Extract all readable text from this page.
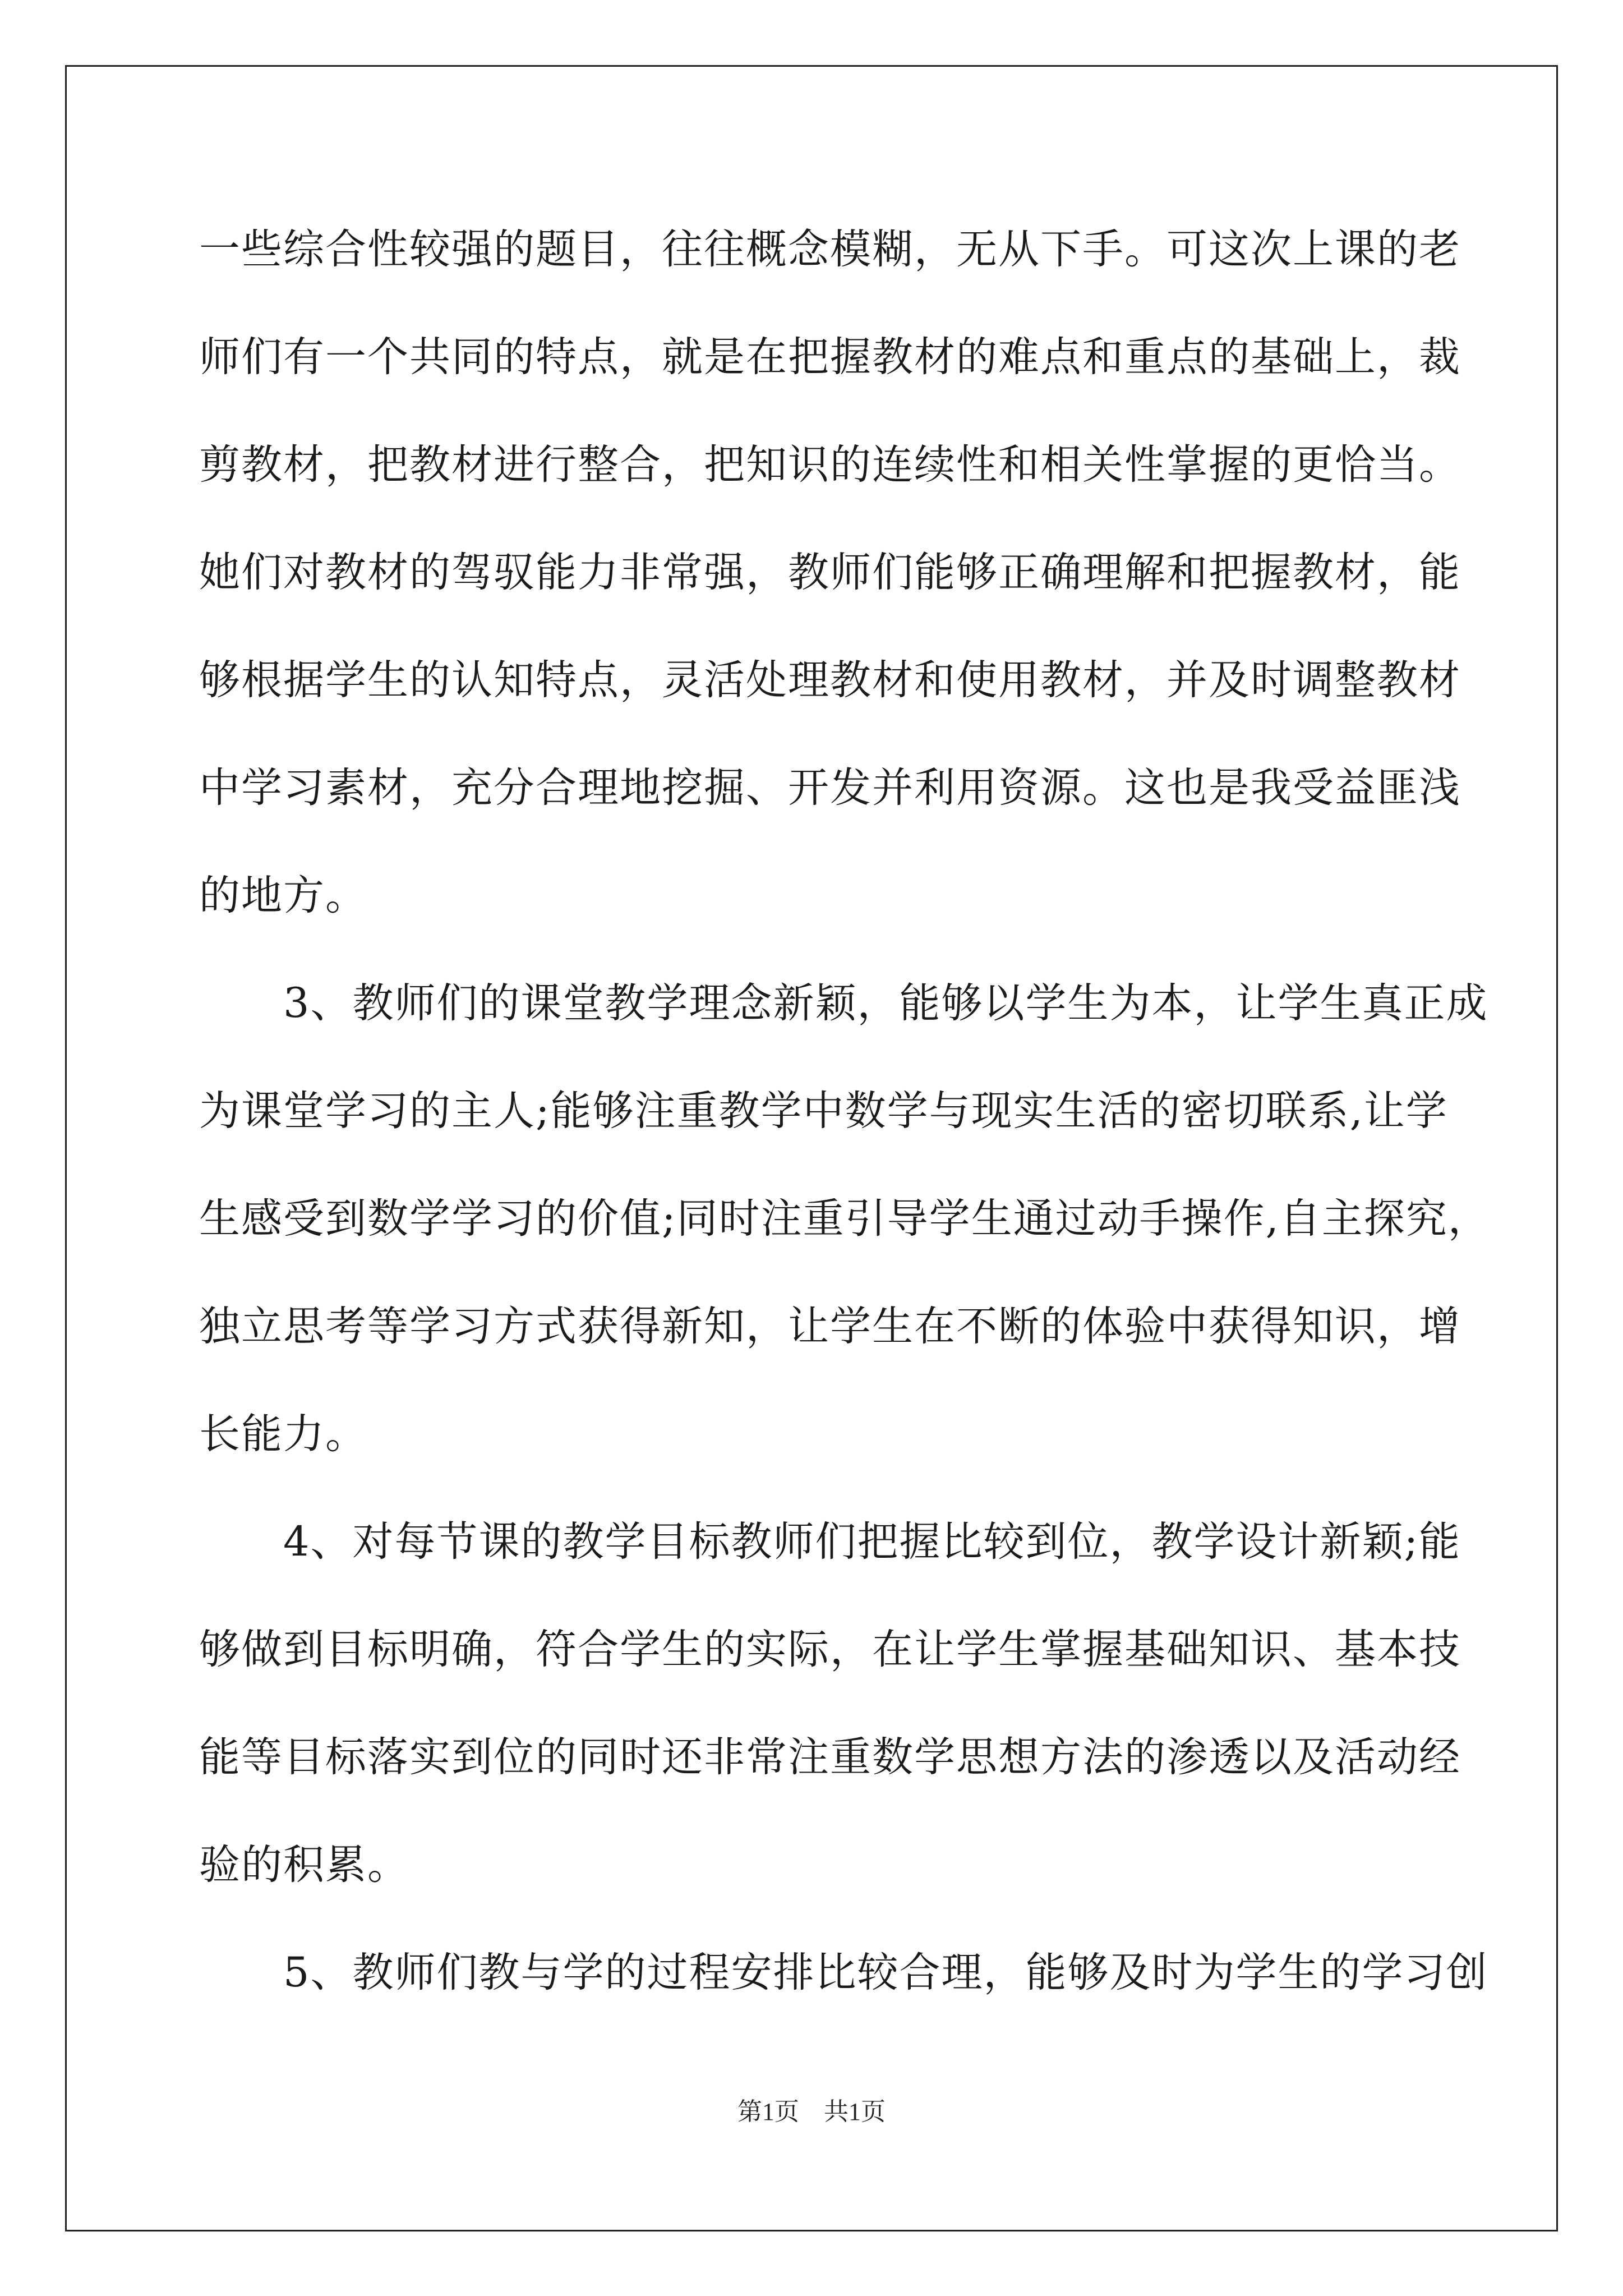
一些综合性较强的题目，往往概念模糊，无从下手。可这次上课的老
师们有一个共同的特点，就是在把握教材的难点和重点的基础上，裁
剪教材，把教材进行整合，把知识的连续性和相关性掌握的更恰当。
她们对教材的驾驭能力非常强，教师们能够正确理解和把握教材，能
够根据学生的认知特点，灵活处理教材和使用教材，并及时调整教材
中学习素材，充分合理地挖掘、开发并利用资源。这也是我受益匪浅
的地方。
　　3、教师们的课堂教学理念新颖，能够以学生为本，让学生真正成
为课堂学习的主人;能够注重教学中数学与现实生活的密切联系,让学
生感受到数学学习的价值;同时注重引导学生通过动手操作,自主探究，
独立思考等学习方式获得新知，让学生在不断的体验中获得知识，增
长能力。
　　4、对每节课的教学目标教师们把握比较到位，教学设计新颖;能
够做到目标明确，符合学生的实际，在让学生掌握基础知识、基本技
能等目标落实到位的同时还非常注重数学思想方法的渗透以及活动经
验的积累。
　　5、教师们教与学的过程安排比较合理，能够及时为学生的学习创
第1页　共1页
